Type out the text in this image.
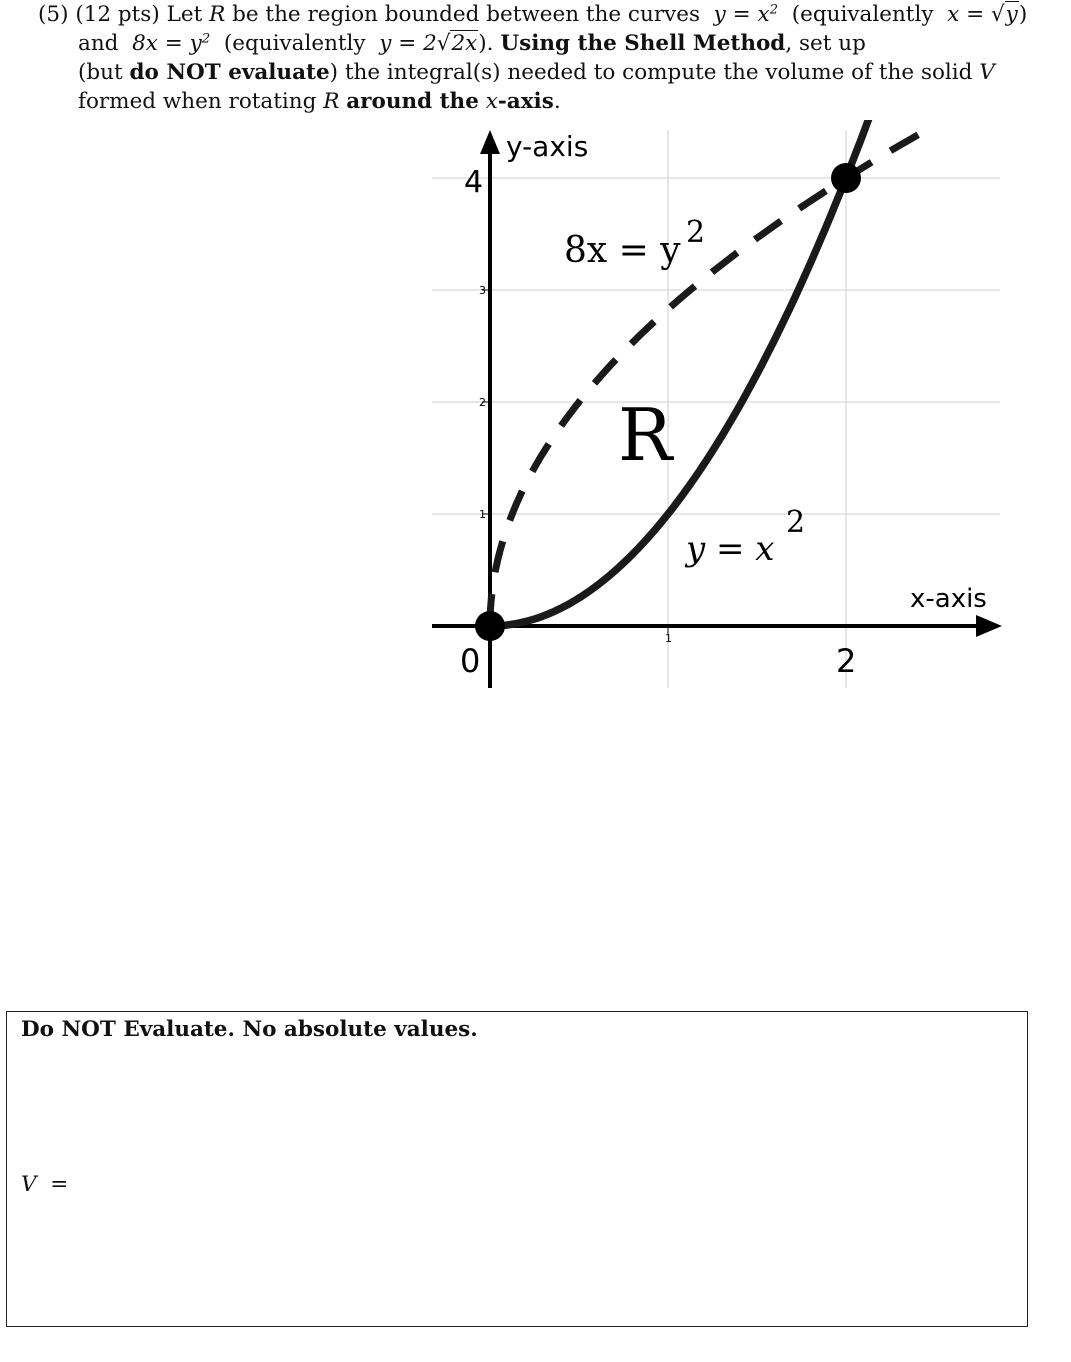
(5) (12 pts) Let R be the region bounded between the curves $y = x^2$ (equivalently x = √y)
and $8x = y^2$ (equivalently y = 2√2x). Using the Shell Method, set up
(but do NOT evaluate) the integral(s) needed to compute the volume of the solid V
formed when rotating R around the x-axis.
y-axis
x-axis
4
3
2
1
0
1
2
8x = y 2
y = x
2
R
Do NOT Evaluate. No absolute values.
V =
